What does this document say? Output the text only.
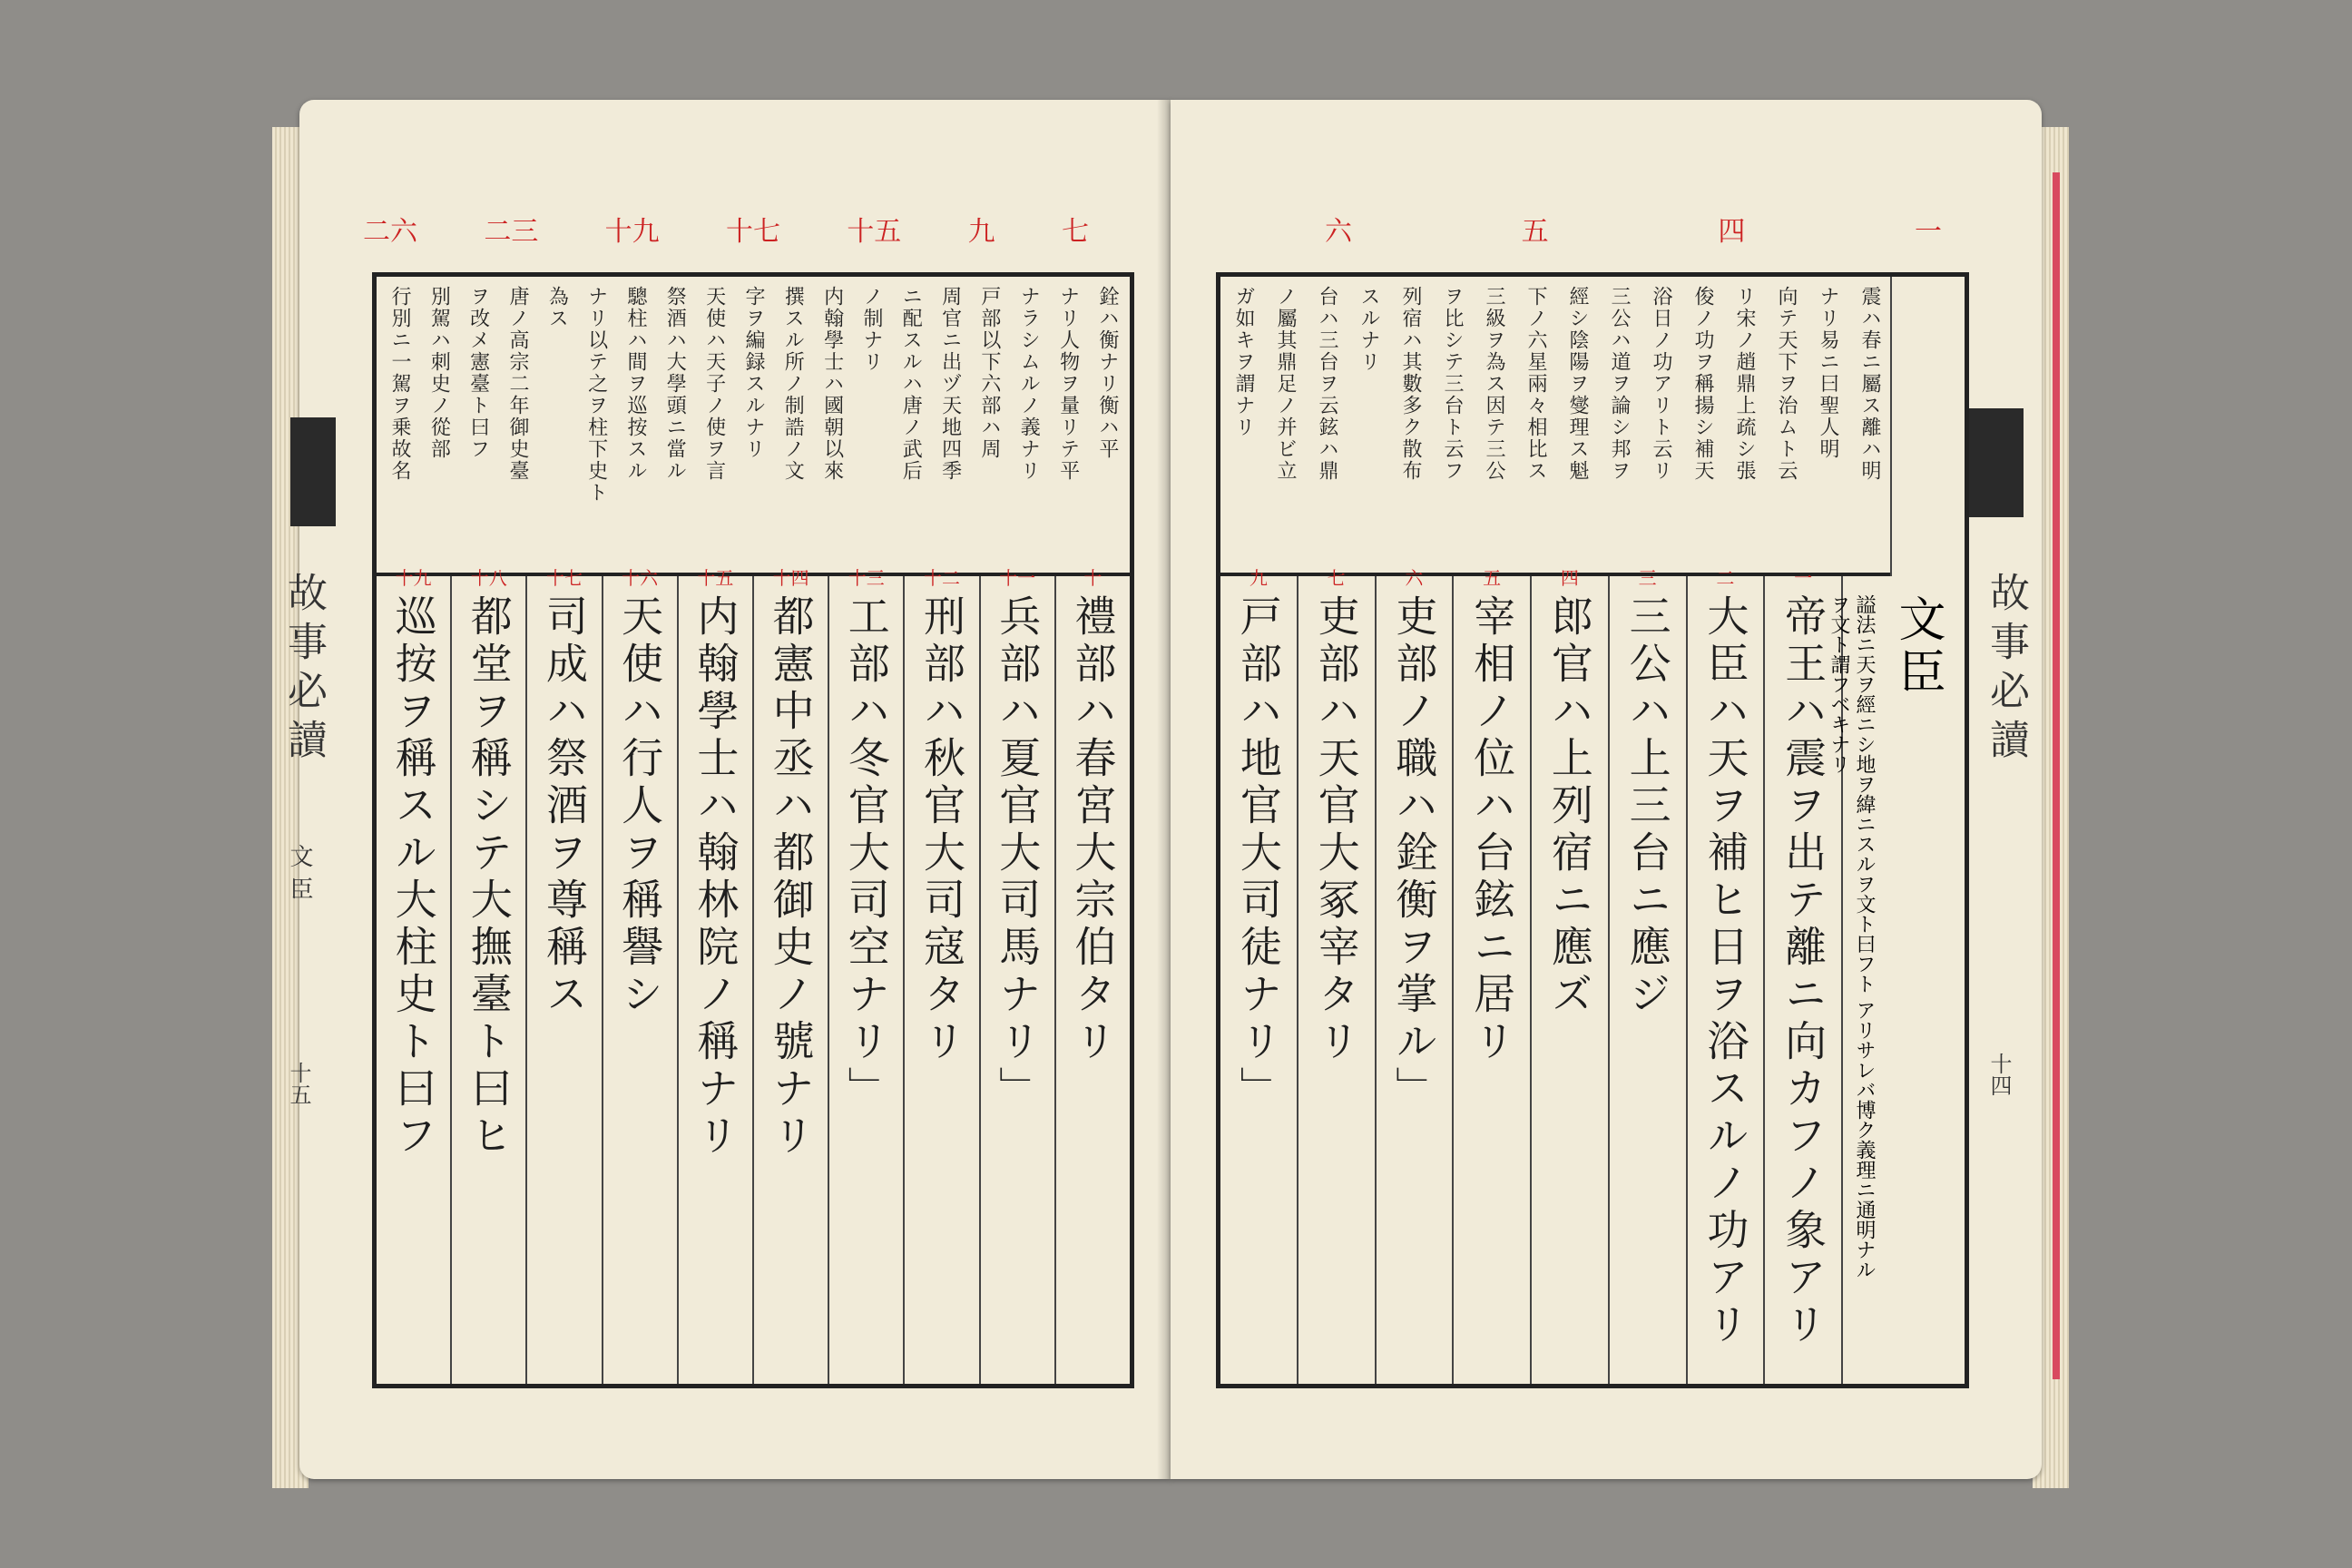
故事必讀
文臣
十五
二六 二三 十九 十七 十五 九 七
銓ハ衡ナリ衡ハ平
ナリ人物ヲ量リテ平
ナラシムルノ義ナリ
戸部以下六部ハ周
周官ニ出ヅ天地四季
ニ配スルハ唐ノ武后
ノ制ナリ
内翰學士ハ國朝以來
撰スル所ノ制誥ノ文
字ヲ編録スルナリ
天使ハ天子ノ使ヲ言
祭酒ハ大學頭ニ當ル
驄柱ハ間ヲ巡按スル
ナリ以テ之ヲ柱下史ト
為ス
唐ノ高宗二年御史臺
ヲ改メ憲臺ト曰フ
別駕ハ刺史ノ從部
行別ニ一駕ヲ乗故名
十
禮部ハ春宮大宗伯タリ
十一
兵部ハ夏官大司馬ナリ」
十二
刑部ハ秋官大司寇タリ
十三
工部ハ冬官大司空ナリ」
十四
都憲中丞ハ都御史ノ號ナリ
十五
内翰學士ハ翰林院ノ稱ナリ
十六
天使ハ行人ヲ稱譽シ
十七
司成ハ祭酒ヲ尊稱ス
十八
都堂ヲ稱シテ大撫臺ト曰ヒ
十九
巡按ヲ稱スル大柱史ト曰フ
六	五	四	一
震ハ春ニ屬ス離ハ明
ナリ易ニ曰聖人明
向テ天下ヲ治ムト云
リ宋ノ趙鼎上疏シ張
俊ノ功ヲ稱揚シ補天
浴日ノ功アリト云リ
三公ハ道ヲ論シ邦ヲ
經シ陰陽ヲ燮理ス魁
下ノ六星兩々相比ス
三級ヲ為ス因テ三公
ヲ比シテ三台ト云フ
列宿ハ其數多ク散布
スルナリ
台ハ三台ヲ云鉉ハ鼎
ノ屬其鼎足ノ并ビ立
ガ如キヲ謂ナリ
文臣
謚法ニ天ヲ經ニシ地ヲ緯ニスルヲ文ト曰フト アリサレバ博ク義理ニ通明ナルヲ文ト謂フベキナリ
一
帝王ハ震ヲ出テ離ニ向カフノ象アリ
二
大臣ハ天ヲ補ヒ日ヲ浴スルノ功アリ
三
三公ハ上三台ニ應ジ
四
郎官ハ上列宿ニ應ズ
五
宰相ノ位ハ台鉉ニ居リ
六
吏部ノ職ハ銓衡ヲ掌ル」
七
吏部ハ天官大冢宰タリ
九
戸部ハ地官大司徒ナリ」	故事必讀
十四
